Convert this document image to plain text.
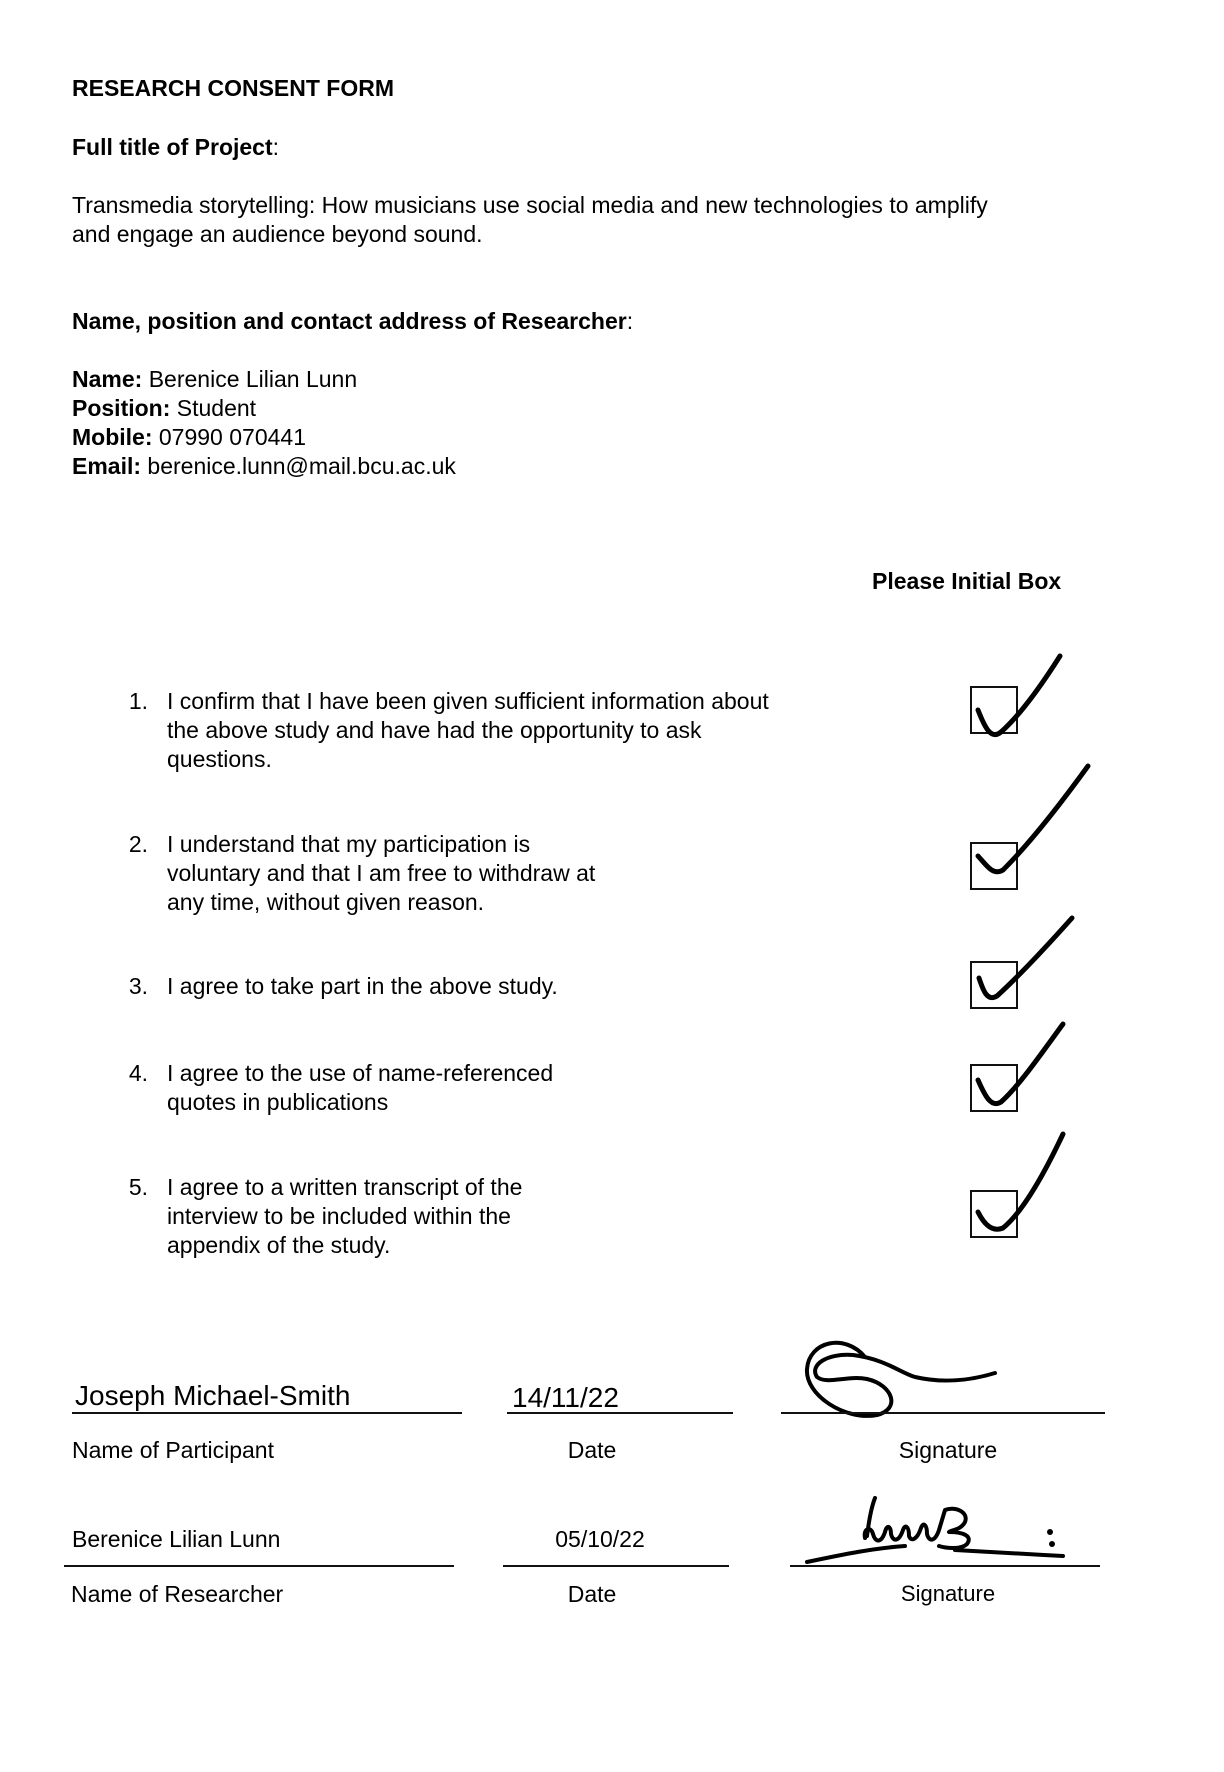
RESEARCH CONSENT FORM
Full title of Project:
Transmedia storytelling: How musicians use social media and new technologies to amplify
and engage an audience beyond sound.
Name, position and contact address of Researcher:
Name: Berenice Lilian Lunn
Position: Student
Mobile: 07990 070441
Email: berenice.lunn@mail.bcu.ac.uk
Please Initial Box
1. I confirm that I have been given sufficient information about
the above study and have had the opportunity to ask
questions.
2. I understand that my participation is
voluntary and that I am free to withdraw at
any time, without given reason.
3. I agree to take part in the above study.
4. I agree to the use of name-referenced
quotes in publications
5. I agree to a written transcript of the
interview to be included within the
appendix of the study.
Joseph Michael-Smith	14/11/22
Name of Participant	Date	Signature
Berenice Lilian Lunn	05/10/22
Name of Researcher	Date	Signature
